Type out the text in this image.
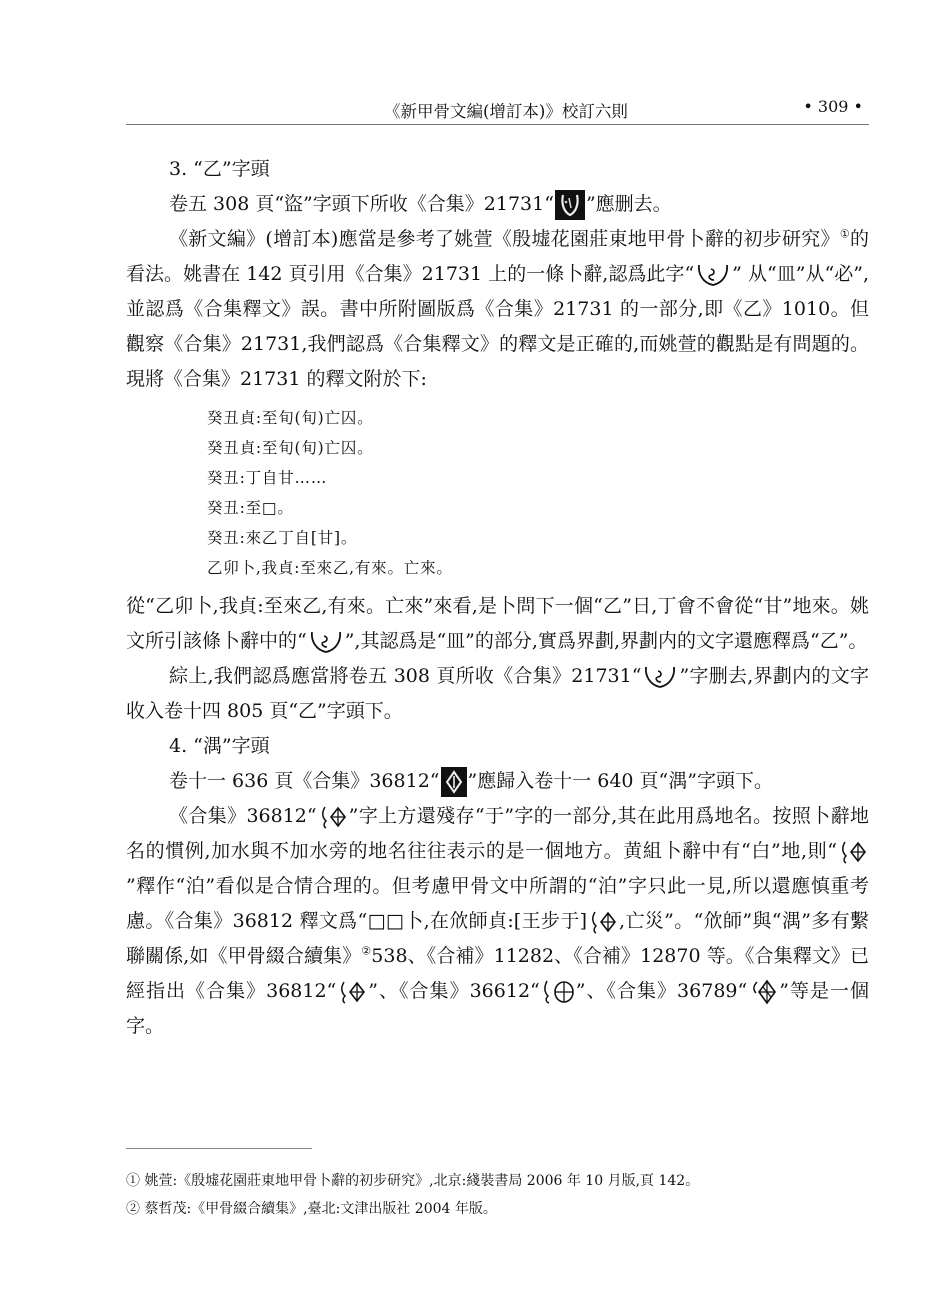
《新甲骨文編(增訂本)》校訂六則	• 309 •

3. “乙”字頭

卷五 308 頁“盜”字頭下所收《合集》21731“ ”應删去。

《新文編》(增訂本)應當是參考了姚萱《殷墟花園莊東地甲骨卜辭的初步研究》①的看法。姚書在 142 頁引用《合集》21731 上的一條卜辭,認爲此字“ ” 从“皿”从“必”,並認爲《合集釋文》誤。書中所附圖版爲《合集》21731 的一部分,即《乙》1010。但觀察《合集》21731,我們認爲《合集釋文》的釋文是正確的,而姚萱的觀點是有問題的。現將《合集》21731 的釋文附於下:

癸丑貞:至旬(旬)亡囚。
癸丑貞:至旬(旬)亡囚。
癸丑:丁自甘……
癸丑:至□。
癸丑:來乙丁自[甘]。
乙卯卜,我貞:至來乙,有來。亡來。

從“乙卯卜,我貞:至來乙,有來。亡來”來看,是卜問下一個“乙”日,丁會不會從“甘”地來。姚文所引該條卜辭中的“ ”,其認爲是“皿”的部分,實爲界劃,界劃内的文字還應釋爲“乙”。

綜上,我們認爲應當將卷五 308 頁所收《合集》21731“ ”字删去,界劃内的文字收入卷十四 805 頁“乙”字頭下。

4. “湡”字頭

卷十一 636 頁《合集》36812“ ”應歸入卷十一 640 頁“湡”字頭下。

《合集》36812“ ”字上方還殘存“于”字的一部分,其在此用爲地名。按照卜辭地名的慣例,加水與不加水旁的地名往往表示的是一個地方。黄組卜辭中有“白”地,則“
”釋作“泊”看似是合情合理的。但考慮甲骨文中所謂的“泊”字只此一見,所以還應慎重考慮。《合集》36812 釋文爲“□□卜,在㰡師貞:[王步于] ,亡災”。“㰡師”與“湡”多有繫聯關係,如《甲骨綴合續集》②538、《合補》11282、《合補》12870 等。《合集釋文》已經指出《合集》36812“ ”、《合集》36612“ ”、《合集》36789“ ”等是一個字。

① 姚萱:《殷墟花園莊東地甲骨卜辭的初步研究》,北京:綫裝書局 2006 年 10 月版,頁 142。
② 蔡哲茂:《甲骨綴合續集》,臺北:文津出版社 2004 年版。
